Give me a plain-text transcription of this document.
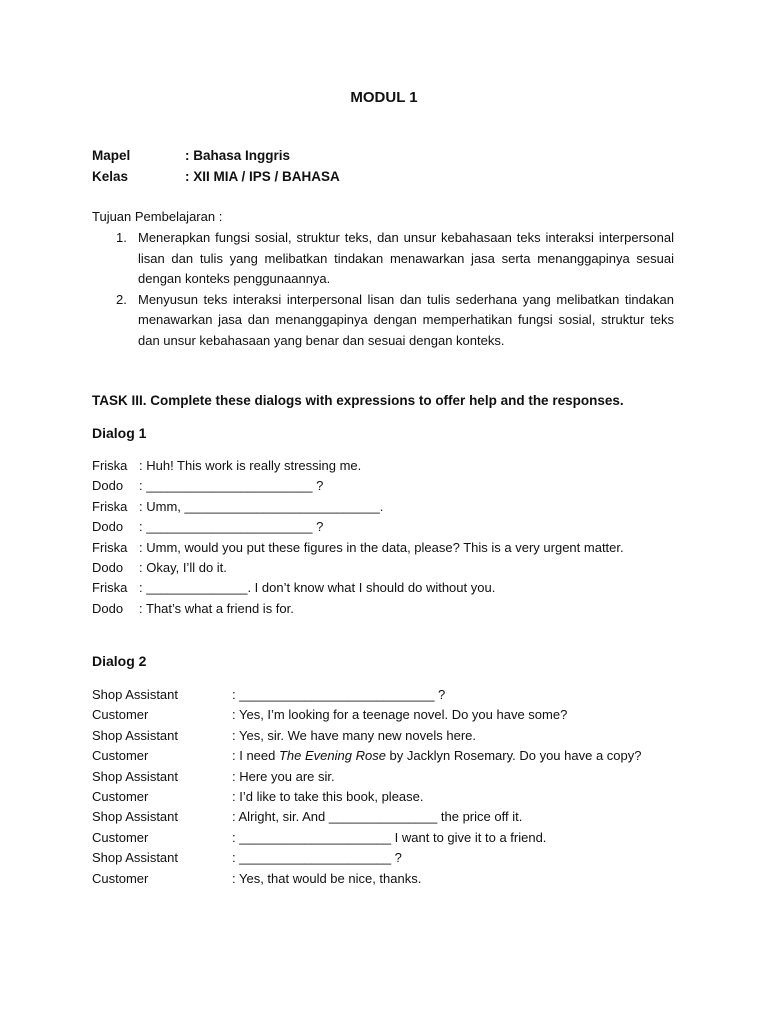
MODUL 1
Mapel	: Bahasa Inggris
Kelas	: XII MIA / IPS / BAHASA
Tujuan Pembelajaran :
1. Menerapkan fungsi sosial, struktur teks, dan unsur kebahasaan teks interaksi interpersonal lisan dan tulis yang melibatkan tindakan menawarkan jasa serta menanggapinya sesuai dengan konteks penggunaannya.
2. Menyusun teks interaksi interpersonal lisan dan tulis sederhana yang melibatkan tindakan menawarkan jasa dan menanggapinya dengan memperhatikan fungsi sosial, struktur teks dan unsur kebahasaan yang benar dan sesuai dengan konteks.
TASK III. Complete these dialogs with expressions to offer help and the responses.
Dialog 1
Friska : Huh! This work is really stressing me.
Dodo : _______________________ ?
Friska : Umm, ___________________________.
Dodo : _______________________ ?
Friska : Umm, would you put these figures in the data, please? This is a very urgent matter.
Dodo : Okay, I’ll do it.
Friska : ______________. I don’t know what I should do without you.
Dodo : That’s what a friend is for.
Dialog 2
Shop Assistant	: ___________________________ ?
Customer	: Yes, I’m looking for a teenage novel. Do you have some?
Shop Assistant	: Yes, sir. We have many new novels here.
Customer	: I need The Evening Rose by Jacklyn Rosemary. Do you have a copy?
Shop Assistant	: Here you are sir.
Customer	: I’d like to take this book, please.
Shop Assistant	: Alright, sir. And _______________ the price off it.
Customer	: _____________________ I want to give it to a friend.
Shop Assistant	: _____________________ ?
Customer	: Yes, that would be nice, thanks.
